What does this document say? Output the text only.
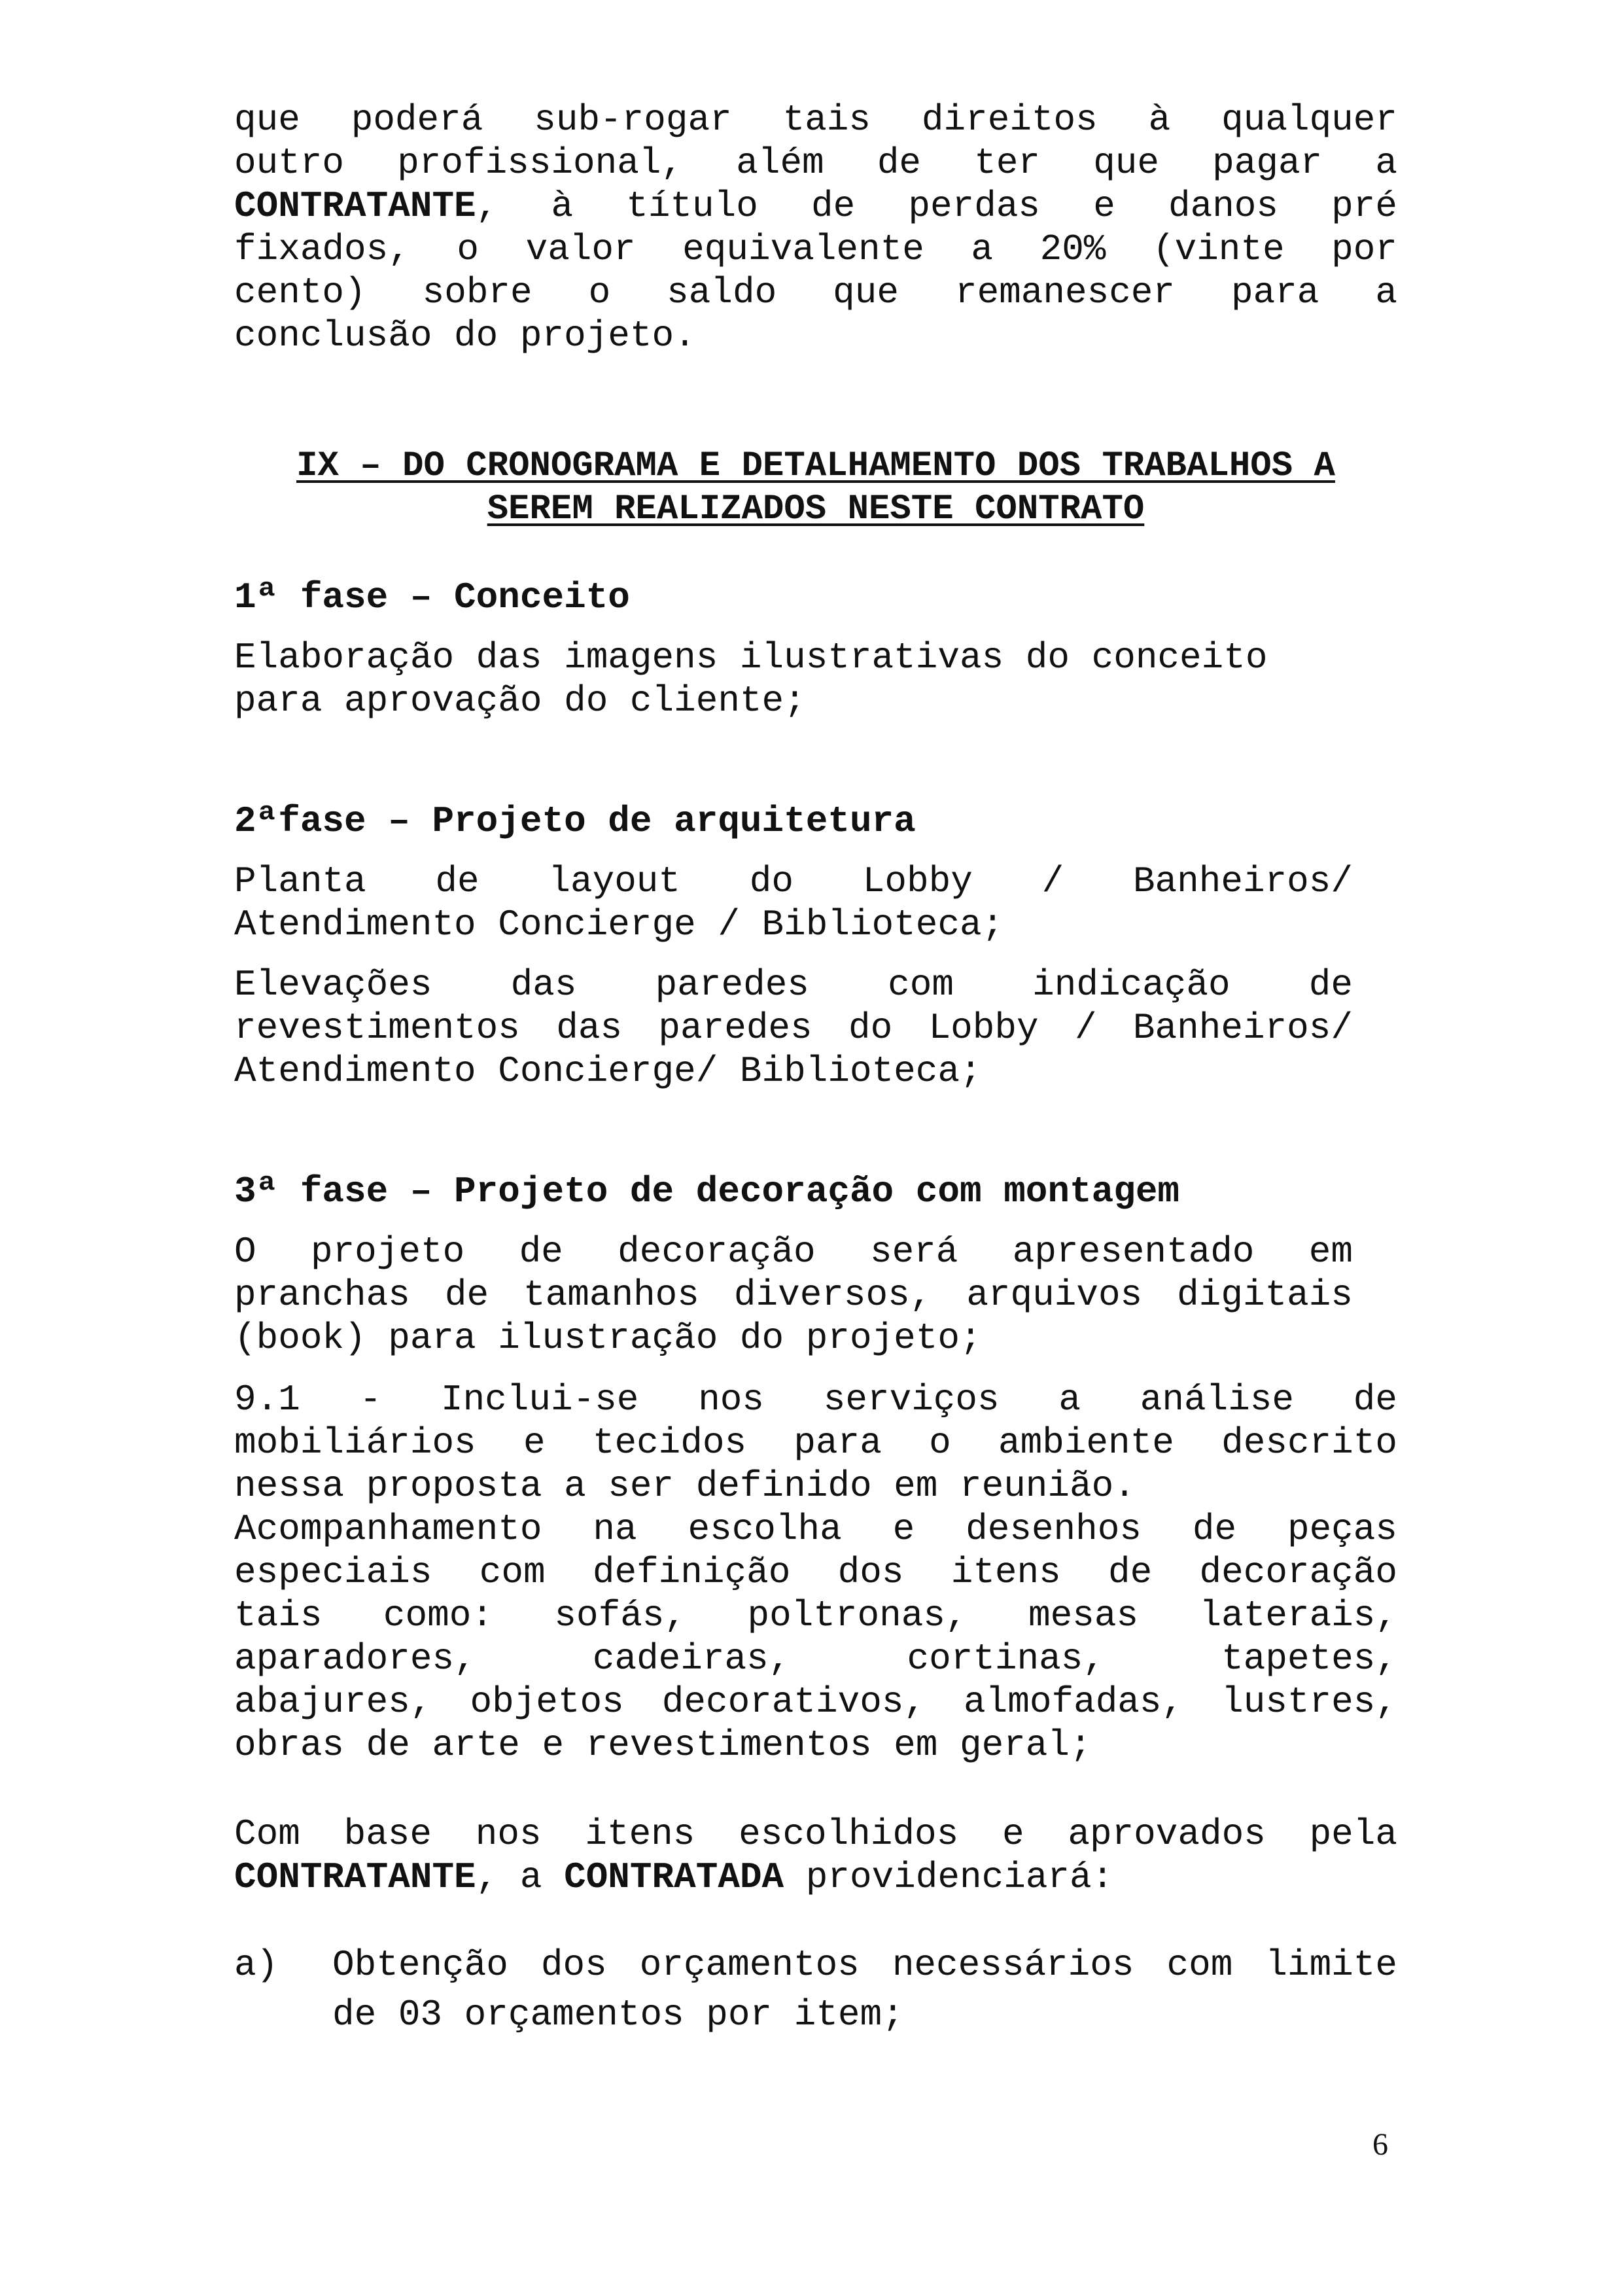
que poderá sub-rogar tais direitos à qualquer
outro profissional, além de ter que pagar a
CONTRATANTE, à título de perdas e danos pré
fixados, o valor equivalente a 20% (vinte por
cento) sobre o saldo que remanescer para a
conclusão do projeto.
IX – DO CRONOGRAMA E DETALHAMENTO DOS TRABALHOS A
SEREM REALIZADOS NESTE CONTRATO
1ª fase – Conceito
Elaboração das imagens ilustrativas do conceito
para aprovação do cliente;
2ªfase – Projeto de arquitetura
Planta de layout do Lobby / Banheiros/
Atendimento Concierge / Biblioteca;
Elevações das paredes com indicação de
revestimentos das paredes do Lobby / Banheiros/
Atendimento Concierge/ Biblioteca;
3ª fase – Projeto de decoração com montagem
O projeto de decoração será apresentado em
pranchas de tamanhos diversos, arquivos digitais
(book) para ilustração do projeto;
9.1 - Inclui-se nos serviços a análise de
mobiliários e tecidos para o ambiente descrito
nessa proposta a ser definido em reunião.
Acompanhamento na escolha e desenhos de peças
especiais com definição dos itens de decoração
tais como: sofás, poltronas, mesas laterais,
aparadores, cadeiras, cortinas, tapetes,
abajures, objetos decorativos, almofadas, lustres,
obras de arte e revestimentos em geral;
Com base nos itens escolhidos e aprovados pela
CONTRATANTE, a CONTRATADA providenciará:
a) Obtenção dos orçamentos necessários com limite
de 03 orçamentos por item;
6
